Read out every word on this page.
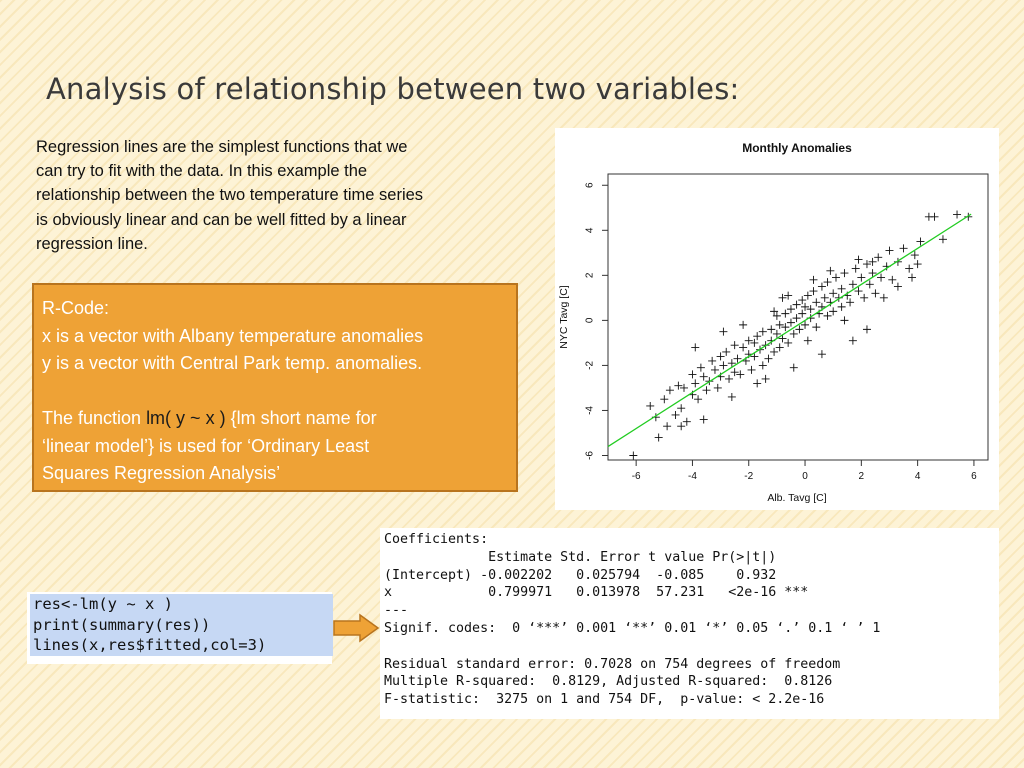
Analysis of relationship between two variables:
Regression lines are the simplest functions that we can try to fit with the data. In this example the relationship between the two temperature time series is obviously linear and can be well fitted by a linear regression line.
R-Code:
x is a vector with Albany temperature anomalies
y is a vector with Central Park temp. anomalies.
The function lm( y ~ x ) {lm short name for
‘linear model’} is used for ‘Ordinary Least
Squares Regression Analysis’
Monthly Anomalies
-6	-4	-2	0	2	4	6
-6
-4
-2
0
2
4
6
Alb. Tavg [C]
NYC Tavg [C]
res<-lm(y ~ x )
print(summary(res))
lines(x,res$fitted,col=3)
Coefficients:
Estimate Std. Error t value Pr(>|t|)
(Intercept) -0.002202   0.025794  -0.085    0.932
x            0.799971   0.013978  57.231   <2e-16 ***
---
Signif. codes:  0 ‘***’ 0.001 ‘**’ 0.01 ‘*’ 0.05 ‘.’ 0.1 ‘ ’ 1
Residual standard error: 0.7028 on 754 degrees of freedom
Multiple R-squared:  0.8129, Adjusted R-squared:  0.8126
F-statistic:  3275 on 1 and 754 DF,  p-value: < 2.2e-16
